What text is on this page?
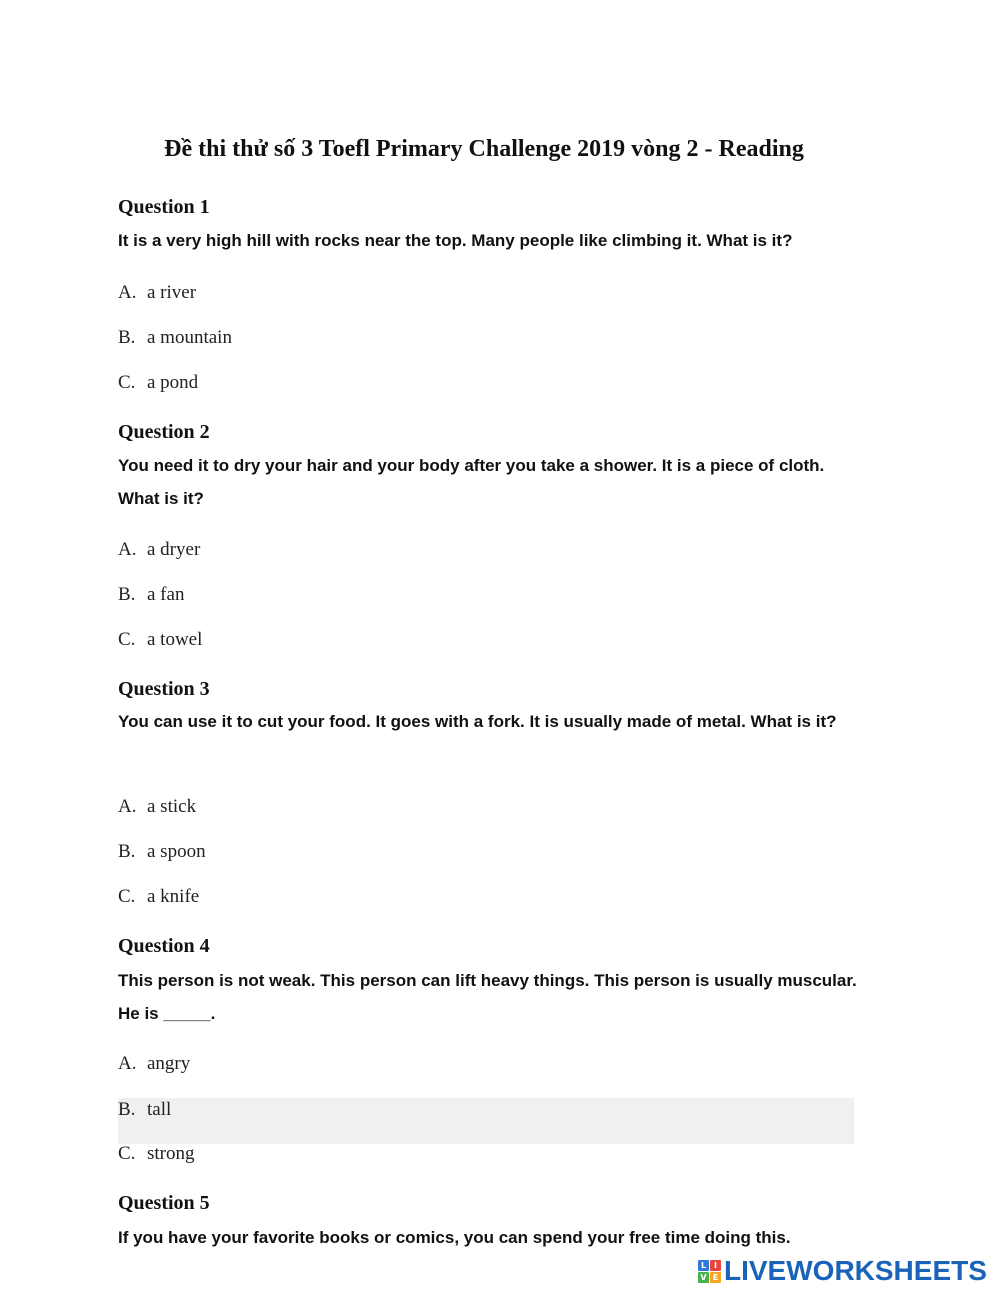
Đề thi thử số 3 Toefl Primary Challenge 2019 vòng 2 - Reading
Question 1
It is a very high hill with rocks near the top. Many people like climbing it. What is it?
A. a river
B. a mountain
C. a pond
Question 2
You need it to dry your hair and your body after you take a shower. It is a piece of cloth. What is it?
A. a dryer
B. a fan
C. a towel
Question 3
You can use it to cut your food. It goes with a fork. It is usually made of metal. What is it?
A. a stick
B. a spoon
C. a knife
Question 4
This person is not weak. This person can lift heavy things. This person is usually muscular. He is _____.
A. angry
B. tall
C. strong
Question 5
If you have your favorite books or comics, you can spend your free time doing this.
L I
V E LIVEWORKSHEETS
